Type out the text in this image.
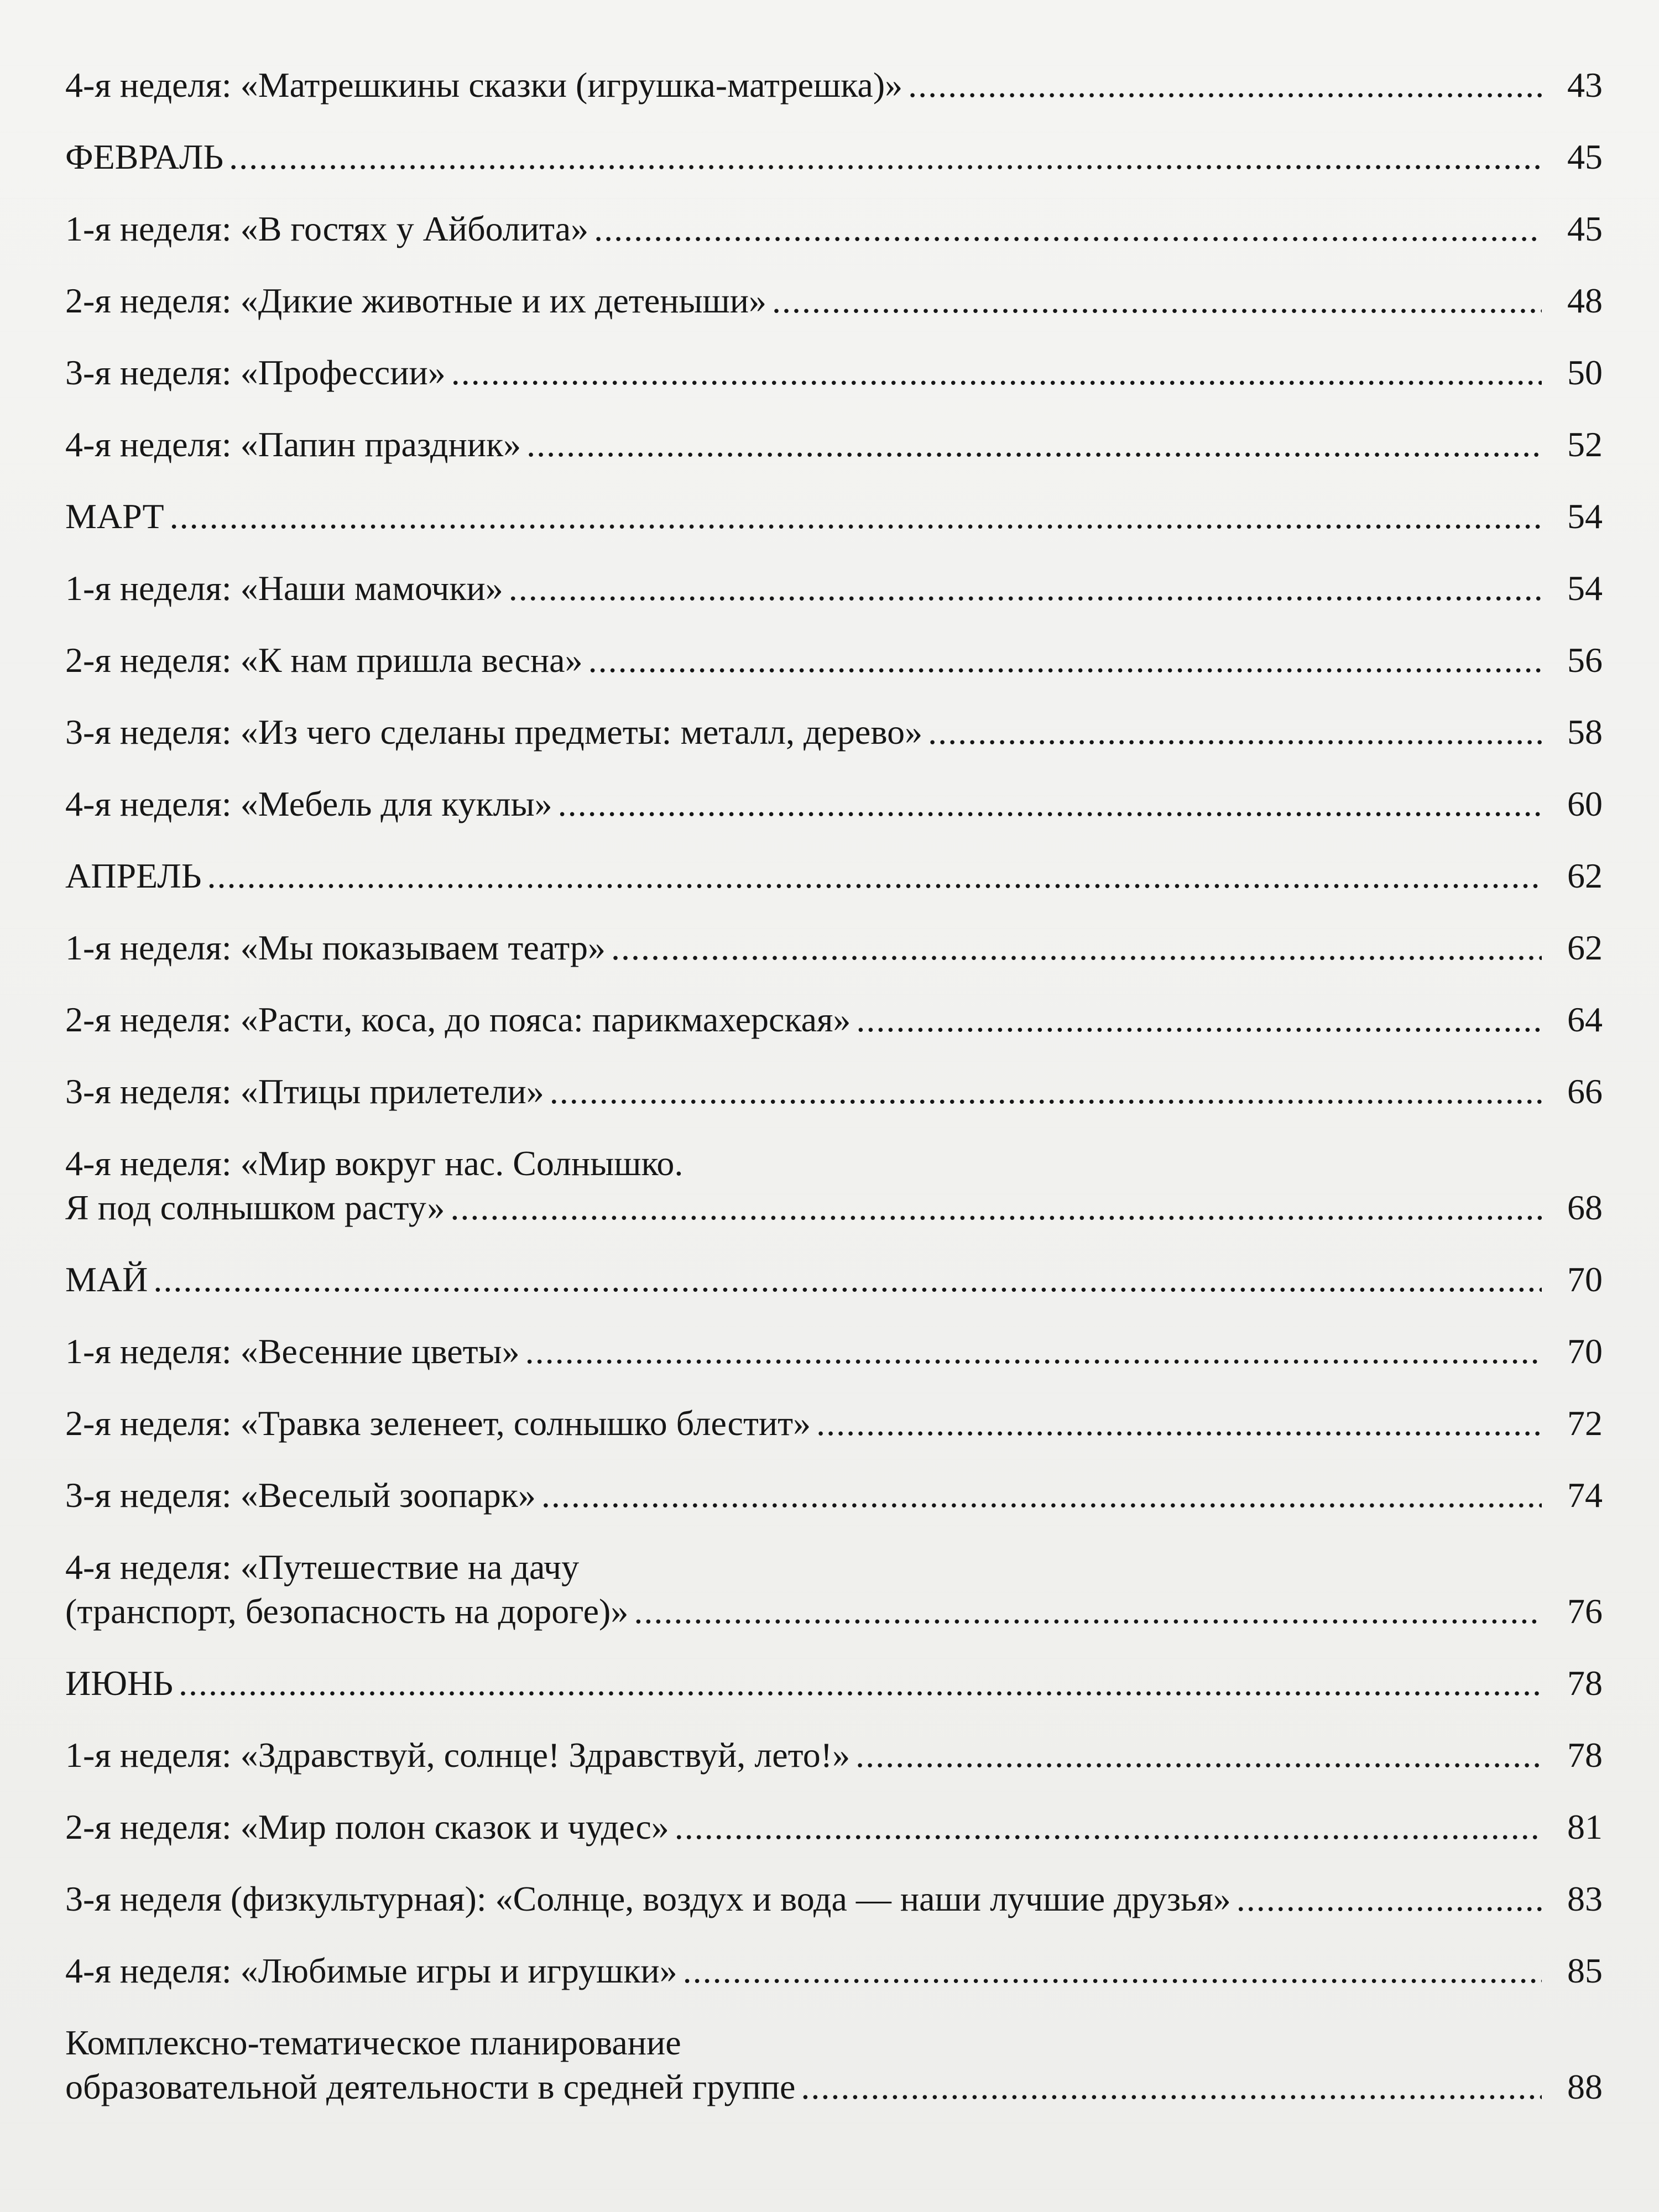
4-я неделя: «Матрешкины сказки (игрушка-матрешка)» .....	43
ФЕВРАЛЬ .....	45
1-я неделя: «В гостях у Айболита» .....	45
2-я неделя: «Дикие животные и их детеныши» .....	48
3-я неделя: «Профессии» .....	50
4-я неделя: «Папин праздник» .....	52
МАРТ .....	54
1-я неделя: «Наши мамочки» .....	54
2-я неделя: «К нам пришла весна» .....	56
3-я неделя: «Из чего сделаны предметы: металл, дерево» .....	58
4-я неделя: «Мебель для куклы» .....	60
АПРЕЛЬ .....	62
1-я неделя: «Мы показываем театр» .....	62
2-я неделя: «Расти, коса, до пояса: парикмахерская» .....	64
3-я неделя: «Птицы прилетели» .....	66
4-я неделя: «Мир вокруг нас. Солнышко.
Я под солнышком расту» .....	68
МАЙ .....	70
1-я неделя: «Весенние цветы» .....	70
2-я неделя: «Травка зеленеет, солнышко блестит» .....	72
3-я неделя: «Веселый зоопарк» .....	74
4-я неделя: «Путешествие на дачу
(транспорт, безопасность на дороге)» .....	76
ИЮНЬ .....	78
1-я неделя: «Здравствуй, солнце! Здравствуй, лето!» .....	78
2-я неделя: «Мир полон сказок и чудес» .....	81
3-я неделя (физкультурная): «Солнце, воздух и вода — наши лучшие друзья» .....	83
4-я неделя: «Любимые игры и игрушки» .....	85
Комплексно-тематическое планирование
образовательной деятельности в средней группе .....	88
